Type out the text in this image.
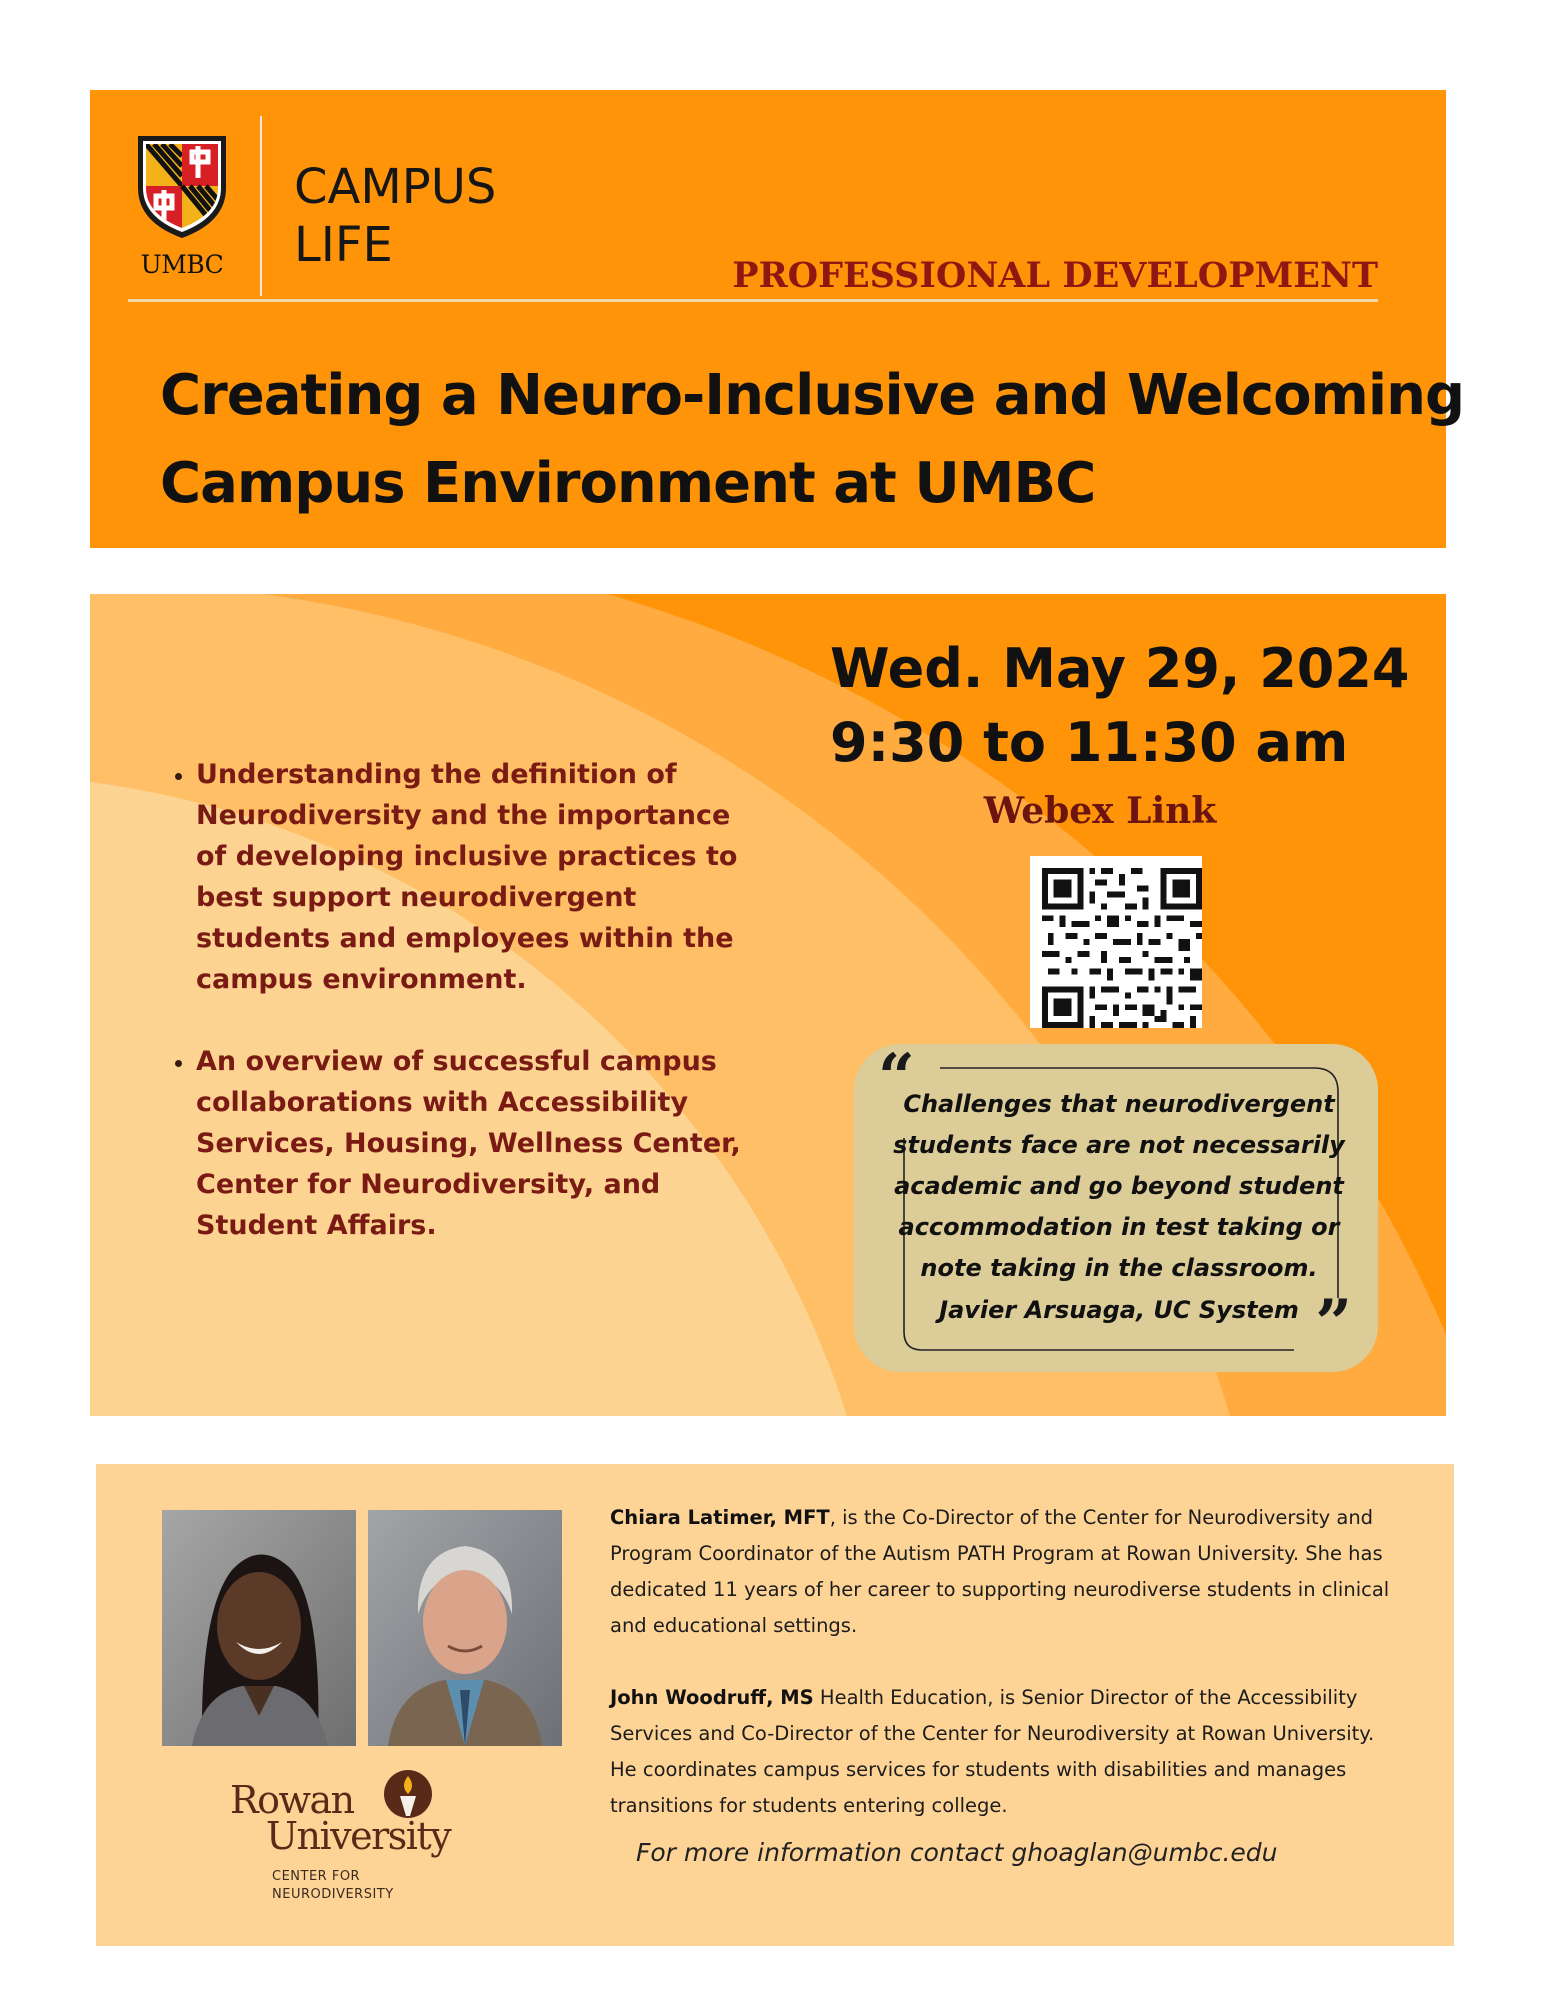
UMBC
CAMPUS
LIFE
PROFESSIONAL DEVELOPMENT
Creating a Neuro-Inclusive and Welcoming
Campus Environment at UMBC
• Understanding the definition of Neurodiversity and the importance of developing inclusive practices to best support neurodivergent students and employees within the campus environment.
• An overview of successful campus collaborations with Accessibility Services, Housing, Wellness Center, Center for Neurodiversity, and Student Affairs.
Wed. May 29, 2024
9:30 to 11:30 am
Webex Link
“
Challenges that neurodivergent students face are not necessarily academic and go beyond student accommodation in test taking or note taking in the classroom.
Javier Arsuaga, UC System ”
Rowan
University
CENTER FOR
NEURODIVERSITY
Chiara Latimer, MFT, is the Co-Director of the Center for Neurodiversity and Program Coordinator of the Autism PATH Program at Rowan University. She has dedicated 11 years of her career to supporting neurodiverse students in clinical and educational settings.
John Woodruff, MS Health Education, is Senior Director of the Accessibility Services and Co-Director of the Center for Neurodiversity at Rowan University. He coordinates campus services for students with disabilities and manages transitions for students entering college.
For more information contact ghoaglan@umbc.edu
